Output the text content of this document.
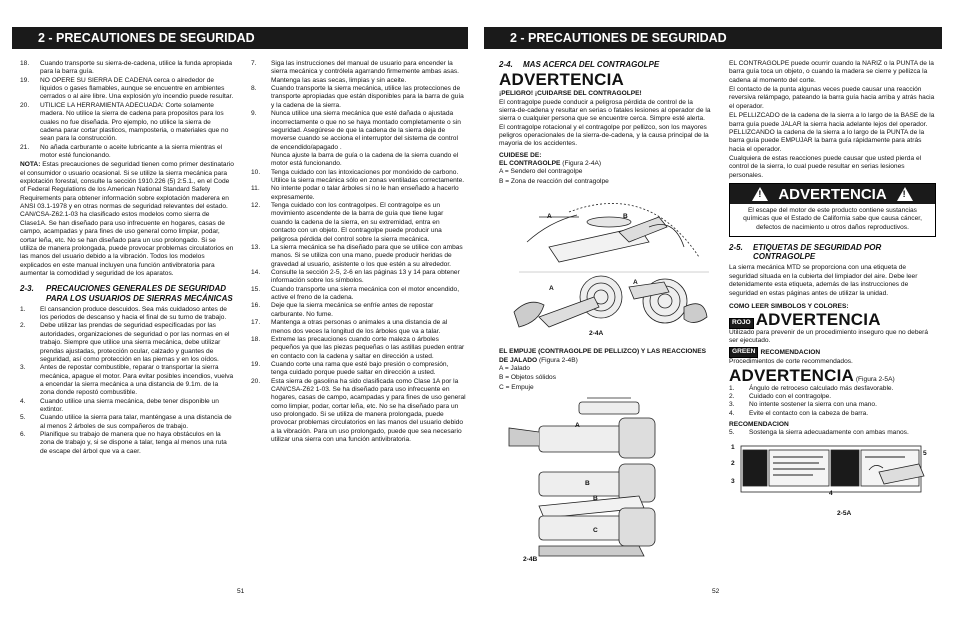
2 - PRECAUTIONES DE SEGURIDAD
18.	Cuando transporte su sierra-de-cadena, utilice la funda apropiada para la barra guía.
19.	NO OPERE SU SIERRA DE CADENA cerca o alrededor de liquidos o gases flamables, aunque se encuentre en ambientes cerrados o al aire libre. Una explosión y/o incendio puede resultar.
20.	UTILICE LA HERRAMIENTA ADECUADA: Corte solamente madera. No utilice la sierra de cadena para propositos para los cuales no fue diseñada. Pro ejemplo, no utilice la sierra de cadena parar cortar plasticos, mamposteria, o materiales que no sean para la construcción.
21.	No añada carburante o aceite lubricante a la sierra mientras el motor esté funcionando.
NOTA: Estas precauciones de seguridad tienen como primer destinatario el consumidor o usuario ocasional. Si se utilize la sierra mecánica para explotación forestal, consulte la sección 1910.226 (5) 2:5.1., en el Code of Federal Regulations de los American National Standard Safety Requirements para obtener información sobre explotación maderera en ANSI 03.1-1978 y en otras normas de seguridad relevantes del estado. CAN/CSA-Z62.1-03 ha clasificado estos modelos como sierra de Clase1A. Se han diseñado para uso infrecuente en hogares, casas de campo, acampadas y para fines de uso general como limpiar, podar, cortar leña, etc. No se han diseñado para un uso prolongado. Si se utiliza de manera prolongada, puede provocar problemas circulatorios en las manos del usuario debido a la vibración. Todos los modelos explicados en este manual incluyen una función antivibratoria para aumentar la comodidad y seguridad de los aparatos.
2-3.	PRECAUCIONES GENERALES DE SEGURIDAD PARA LOS USUARIOS DE SIERRAS MECÁNICAS
1.	El cansancion produce descuidos. Sea más cuidadoso antes de los periodos de descanso y hacia el final de su turno de trabajo.
2.	Debe utilizar las prendas de seguridad especificadas por las autoridades, organizaciones de seguridad o por las normas en el trabajo. Siempre que utilice una sierra mecánica, debe utilizar prendas ajustadas, protección ocular, calzado y guantes de seguridad, así como protección en las piernas y en los oídos.
3.	Antes de repostar combustible, reparar o transportar la sierra mecánica, apague el motor. Para evitar posibles incendios, vuelva a encendar la sierra mecánica a una distancia de 9.1m. de la zona donde repostó combustible.
4.	Cuando utilice una sierra mecánica, debe tener disponible un extintor.
5.	Cuando utilice la sierra para talar, manténgase a una distancia de al menos 2 árboles de sus compañeros de trabajo.
6.	Planifique su trabajo de manera que no haya obstáculos en la zona de trabajo y, si se dispone a talar, tenga al menos una ruta de escape del árbol que va a caer.
7.	Siga las instrucciones del manual de usuario para encender la sierra mecánica y contrólela agarrando firmemente ambas asas. Mantenga las asas secas, limpias y sin aceite.
8.	Cuando transporte la sierra mecánica, utilice las protecciones de transporte apropiadas que están disponibles para la barra de guía y la cadena de la sierra.
9.	Nunca utilice una sierra mecánica que esté dañada o ajustada incorrectamente o que no se haya montado completamente o sin seguridad. Asegúrese de que la cadena de la sierra deja de moverse cuando se acciona el interruptor del sistema de control de encendido/apagado .
Nunca ajuste la barra de guía o la cadena de la sierra cuando el motor está funcionando.
10.	Tenga cuidado con las intoxicaciones por monóxido de carbono. Utilice la sierra mecánica sólo en zonas ventiladas correctamente.
11.	No intente podar o talar árboles si no le han enseñado a hacerlo expresamente.
12.	Tenga cuidado con los contragolpes. El contragolpe es un movimiento ascendente de la barra de guía que tiene lugar cuando la cadena de la sierra, en su extremidad, entra en contacto con un objeto. El contragolpe puede producir una peligrosa pérdida del control sobre la sierra mecánica.
13.	La sierra mecánica se ha diseñado para que se utilice con ambas manos. Si se utiliza con una mano, puede producir heridas de gravedad al usuario, asistente o los que estén a su alrededor.
14.	Consulte la sección 2-5, 2-6 en las páginas 13 y 14 para obtener información sobre los símbolos.
15.	Cuando transporte una sierra mecánica con el motor encendido, active el freno de la cadena.
16.	Deje que la sierra mecánica se enfríe antes de repostar carburante. No fume.
17.	Mantenga a otras personas o animales a una distancia de al menos dos veces la longitud de los árboles que va a talar.
18.	Extreme las precauciones cuando corte maleza o árboles pequeños ya que las piezas pequeñas o las astillas pueden entrar en contacto con la cadena y saltar en dirección a usted.
19.	Cuando corte una rama que esté bajo presión o compresión, tenga cuidado porque puede saltar en dirección a usted.
20.	Esta sierra de gasolina ha sido clasificada como Clase 1A por la CAN/CSA-Z62 1-03. Se ha diseñado para uso infrecuente en hogares, casas de campo, acampadas y para fines de uso general como limpiar, podar, cortar leña, etc. No se ha diseñado para un uso prolongado. Si se utiliza de manera prolongada, puede provocar problemas circulatorios en las manos del usuario debido a la vibración. Para un uso prolongado, puede que sea necesario utilizar una sierra con una función antivibratoria.
51
2 - PRECAUTIONES DE SEGURIDAD
2-4.	MAS ACERCA DEL CONTRAGOLPE
ADVERTENCIA
¡PELIGRO! ¡CUIDARSE DEL CONTRAGOLPE!
El contragolpe puede conducir a peligrosa pérdida de control de la sierra-de-cadena y resultar en serias o fatales lesiones al operador de la sierra o cualquier persona que se encuentre cerca. Simpre esté alerta. El contragolpe rotacional y el contragolpe por pellizco, son los mayores peligros operacionales de la sierra-de-cadena, y la causa principal de la mayoria de los accidentes.
CUIDESE DE:
EL CONTRAGOLPE (Figura 2-4A)
A = Sendero del contragolpe
B = Zona de reacción del contragolpe
A	B
A
A
2-4A
EL EMPUJE (CONTRAGOLPE DE PELLIZCO) Y LAS REACCIONES DE JALADO (Figura 2-4B)
A = Jalado
B = Objetos sólidos
C = Empuje
A
B
B
C
2-4B
EL CONTRAGOLPE puede ocurrir cuando la NARIZ o la PUNTA de la barra guía toca un objeto, o cuando la madera se cierre y pellizca la cadena al momento del corte.
El contacto de la punta algunas veces puede causar una reacción reversiva relámpago, pateando la barra guía hacia arriba y atrás hacia el operador.
EL PELLIZCADO de la cadena de la sierra a lo largo de la BASE de la barra guía puede JALAR la sierra hacia adelante lejos del operador. PELLIZCANDO la cadena de la sierra a lo largo de la PUNTA de la barra guía puede EMPUJAR la barra guía rápidamente para atrás hacia el operador.
Cualquiera de estas reacciones puede causar que usted pierda el control de la sierra, lo cual puede resultar en serias lesiones personales.
! ADVERTENCIA !
El escape del motor de este producto contiene sustancias químicas que el Estado de California sabe que causa cáncer, defectos de nacimiento u otros daños reproductivos.
2-5.	ETIQUETAS DE SEGURIDAD POR CONTRAGOLPE
La sierra mecánica MTD se proporciona con una etiqueta de seguridad situada en la cubierta del limpiador del aire. Debe leer detenidamente esta etiqueta, además de las instrucciones de seguridad en estas páginas antes de utilizar la unidad.
COMO LEER SIMBOLOS Y COLORES:
ROJO ADVERTENCIA
Utilizado para prevenir de un procedimiento inseguro que no deberá ser ejecutado.
GREEN RECOMENDACION
Procedimientos de corte recommendados.
ADVERTENCIA (Figura 2-5A)
1.	Ángulo de retroceso calculado más desfavorable.
2.	Cuidado con el contragolpe.
3.	No intente sostener la sierra con una mano.
4.	Evite el contacto con la cabeza de barra.
RECOMENDACION
5.	Sostenga la sierra adecuadamente con ambas manos.
1
2
3
4
5
2-5A
52
